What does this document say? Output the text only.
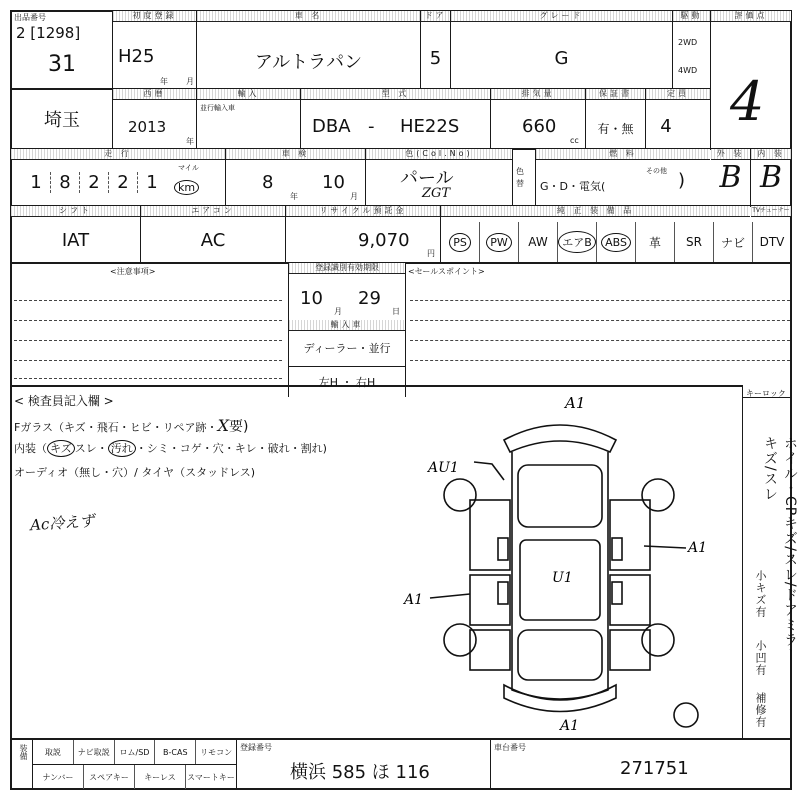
出品番号
2 [1298]
31
初度登録
H25
年 月
車 名
アルトラパン
ドア
5
グレード
G
駆動
2WD
4WD
評価点
4
埼玉
西暦
2013
年
輸入
並行輸入車
型 式
DBA - HE22S
排気量
660
cc
保証書
有・無
定員
4
走 行
1 8 2 2 1
マイル
km
車 検
8
年
10
月
色(Col.No)
パール
ZGT
色替
燃 料
G・D・電気(
その他 )
外 装
B
内 装
B
シフト
IAT
エアコン
AC
リサイクル預託金
9,070
円
純 正 装 備 品	TVチューナー
PS	PW	AW	エアB	ABS	革 SR ナビ DTV
<注意事項>	登録識別有効期限
10
月
29
日
輸入車
ディーラー・並行
左H ・ 右H
<セールスポイント>
キーロック
< 検査員記入欄 >
Fガラス（キズ・飛石・ヒビ・リペア跡・X要)
内装（ キズ スレ・ 汚れ ・シミ・コゲ・穴・キレ・破れ・割れ)
オーディオ（無し・穴）/ タイヤ（スタッドレス)
Ac冷えず
A1
AU1
A1
A1
U1
A1
ホイル・CPキズ/スレ/ドアミラーキズ/スレ
小キズ有
小凹有
補修有
装備	取説	ナビ取説	ロム/SD	B-CAS	リモコン
ナンバー	スペアキー	キーレス	スマートキー
登録番号
横浜 585 ほ 116
車台番号
271751
